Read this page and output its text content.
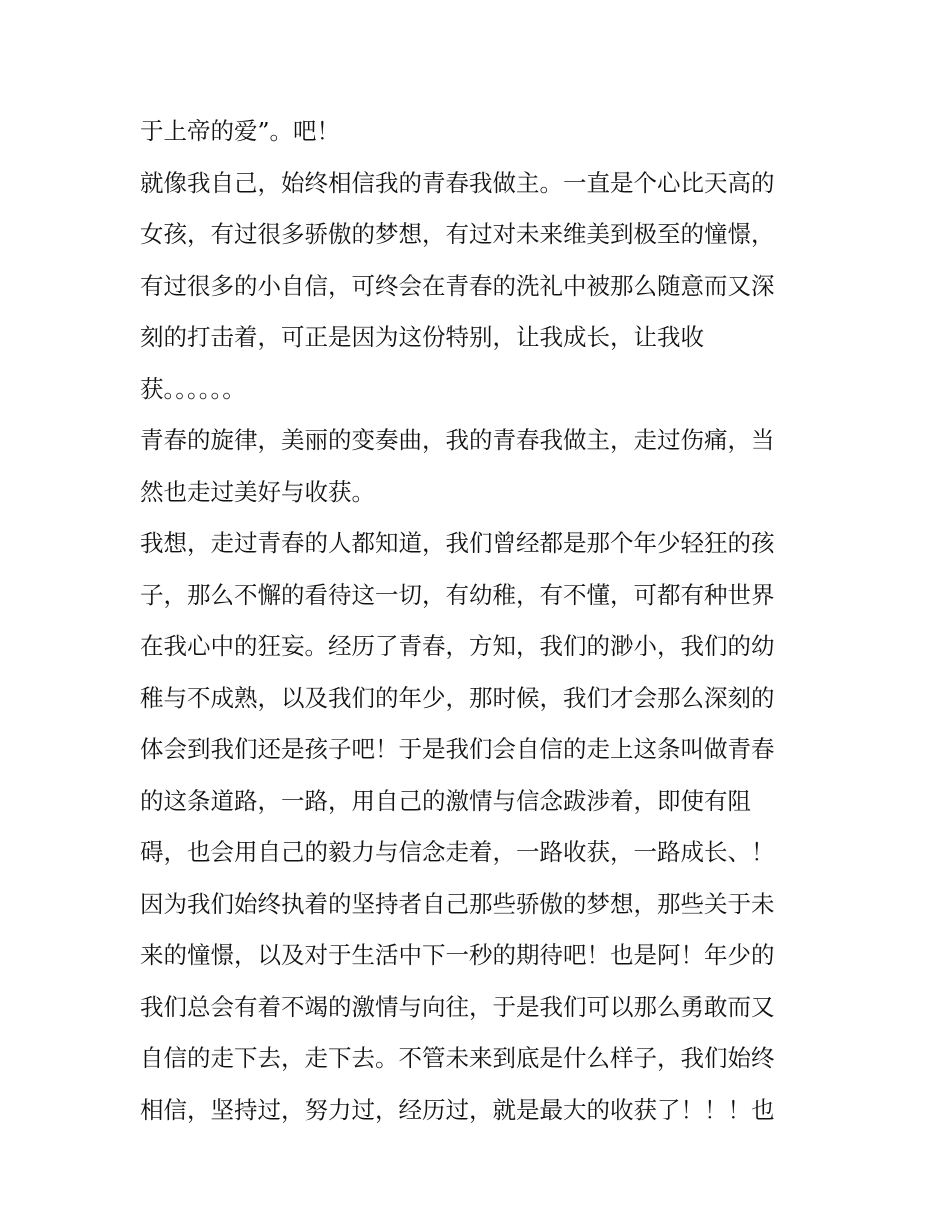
于上帝的爱”。吧！
就像我自己，始终相信我的青春我做主。一直是个心比天高的
女孩，有过很多骄傲的梦想，有过对未来维美到极至的憧憬，
有过很多的小自信，可终会在青春的洗礼中被那么随意而又深
刻的打击着，可正是因为这份特别，让我成长，让我收
获。。。。。。
青春的旋律，美丽的变奏曲，我的青春我做主，走过伤痛，当
然也走过美好与收获。
我想，走过青春的人都知道，我们曾经都是那个年少轻狂的孩
子，那么不懈的看待这一切，有幼稚，有不懂，可都有种世界
在我心中的狂妄。经历了青春，方知，我们的渺小，我们的幼
稚与不成熟，以及我们的年少，那时候，我们才会那么深刻的
体会到我们还是孩子吧！于是我们会自信的走上这条叫做青春
的这条道路，一路，用自己的激情与信念跋涉着，即使有阻
碍，也会用自己的毅力与信念走着，一路收获，一路成长、！
因为我们始终执着的坚持者自己那些骄傲的梦想，那些关于未
来的憧憬，以及对于生活中下一秒的期待吧！也是阿！年少的
我们总会有着不竭的激情与向往，于是我们可以那么勇敢而又
自信的走下去，走下去。不管未来到底是什么样子，我们始终
相信，坚持过，努力过，经历过，就是最大的收获了！！！也
